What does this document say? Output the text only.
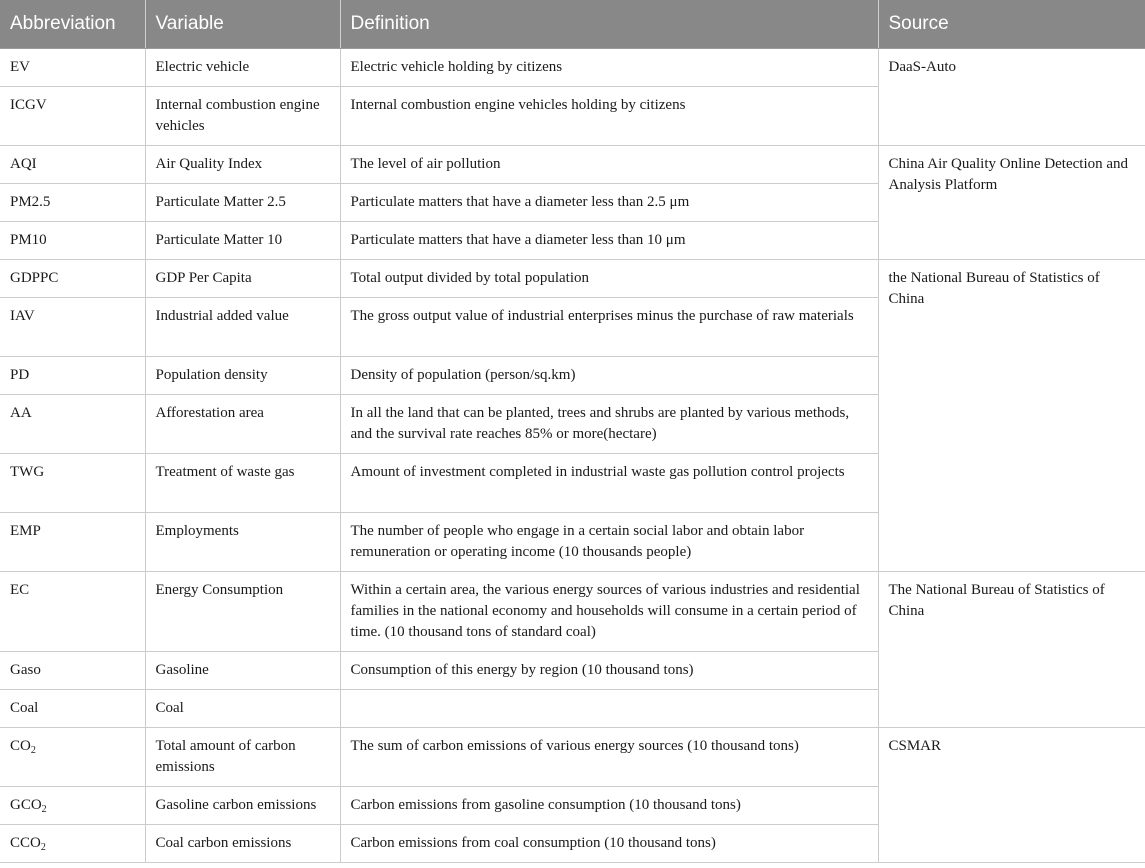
Abbreviation	Variable	Definition	Source
EV	Electric vehicle	Electric vehicle holding by citizens	DaaS-Auto
ICGV	Internal combustion engine vehicles	Internal combustion engine vehicles holding by citizens	
AQI	Air Quality Index	The level of air pollution	China Air Quality Online Detection and Analysis Platform
PM2.5	Particulate Matter 2.5	Particulate matters that have a diameter less than 2.5 μm	
PM10	Particulate Matter 10	Particulate matters that have a diameter less than 10 μm	
GDPPC	GDP Per Capita	Total output divided by total population	the National Bureau of Statistics of China
IAV	Industrial added value	The gross output value of industrial enterprises minus the purchase of raw materials	
PD	Population density	Density of population (person/sq.km)	
AA	Afforestation area	In all the land that can be planted, trees and shrubs are planted by various methods, and the survival rate reaches 85% or more(hectare)	
TWG	Treatment of waste gas	Amount of investment completed in industrial waste gas pollution control projects	
EMP	Employments	The number of people who engage in a certain social labor and obtain labor remuneration or operating income (10 thousands people)	
EC	Energy Consumption	Within a certain area, the various energy sources of various industries and residential families in the national economy and households will consume in a certain period of time. (10 thousand tons of standard coal)	The National Bureau of Statistics of China
Gaso	Gasoline	Consumption of this energy by region (10 thousand tons)	
Coal	Coal		
$CO_2$	Total amount of carbon emissions	The sum of carbon emissions of various energy sources (10 thousand tons)	CSMAR
$GCO_2$	Gasoline carbon emissions	Carbon emissions from gasoline consumption (10 thousand tons)	
$CCO_2$	Coal carbon emissions	Carbon emissions from coal consumption (10 thousand tons)	
